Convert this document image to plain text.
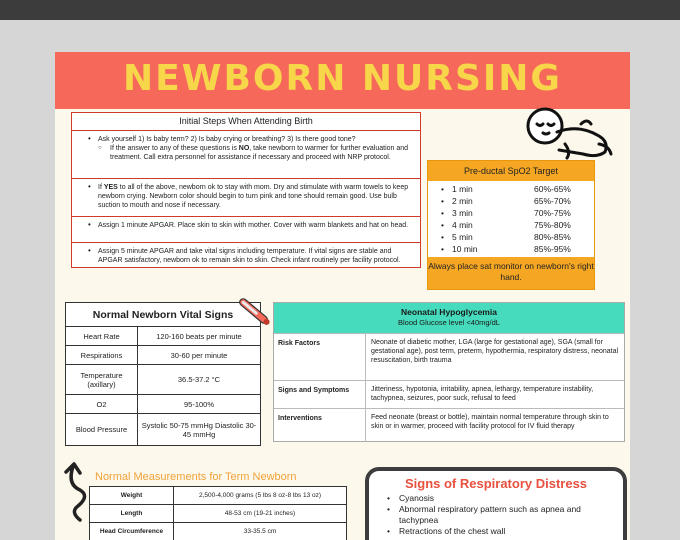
NEWBORN NURSING
Initial Steps When Attending Birth
• Ask yourself 1) Is baby term? 2) Is baby crying or breathing? 3) Is there good tone?
○ If the answer to any of these questions is NO, take newborn to warmer for further evaluation and treatment. Call extra personnel for assistance if necessary and proceed with NRP protocol.
• If YES to all of the above, newborn ok to stay with mom. Dry and stimulate with warm towels to keep newborn crying. Newborn color should begin to turn pink and tone should remain good. Use bulb suction to mouth and nose if necessary.
• Assign 1 minute APGAR. Place skin to skin with mother. Cover with warm blankets and hat on head.
• Assign 5 minute APGAR and take vital signs including temperature. If vital signs are stable and APGAR satisfactory, newborn ok to remain skin to skin. Check infant routinely per facility protocol.
Pre-ductal SpO2 Target
• 1 min	60%-65%
• 2 min	65%-70%
• 3 min	70%-75%
• 4 min	75%-80%
• 5 min	80%-85%
• 10 min	85%-95%
Always place sat monitor on newborn's right hand.
Normal Newborn Vital Signs	
Heart Rate	120-160 beats per minute
Respirations	30-60 per minute
Temperature (axillary)	36.5-37.2 °C
O2	95-100%
Blood Pressure	Systolic 50-75 mmHg Diastolic 30-45 mmHg
Neonatal Hypoglycemia
Blood Glucose level <40mg/dL
Risk Factors	Neonate of diabetic mother, LGA (large for gestational age), SGA (small for gestational age), post term, preterm, hypothermia, respiratory distress, neonatal resuscitation, birth trauma
Signs and Symptoms	Jitteriness, hypotonia, irritability, apnea, lethargy, temperature instability, tachypnea, seizures, poor suck, refusal to feed
Interventions	Feed neonate (breast or bottle), maintain normal temperature through skin to skin or in warmer, proceed with facility protocol for IV fluid therapy
Normal Measurements for Term Newborn
Weight	2,500-4,000 grams (5 lbs 8 oz-8 lbs 13 oz)
Length	48-53 cm (19-21 inches)
Head Circumference	33-35.5 cm
Signs of Respiratory Distress
• Cyanosis
• Abnormal respiratory pattern such as apnea and tachypnea
• Retractions of the chest wall
